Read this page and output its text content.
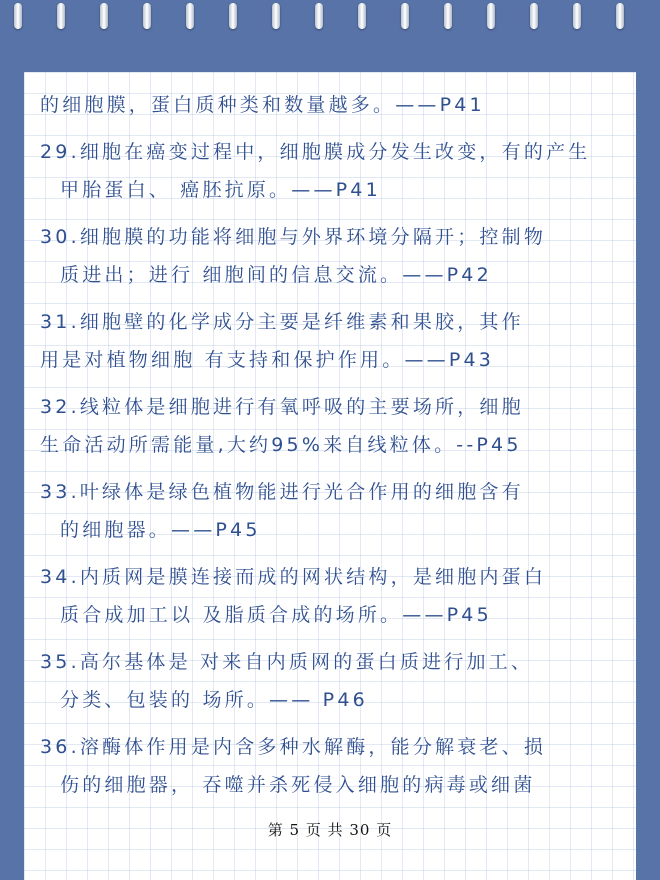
的细胞膜，蛋白质种类和数量越多。——P41
29.细胞在癌变过程中，细胞膜成分发生改变，有的产生
甲胎蛋白、 癌胚抗原。——P41
30.细胞膜的功能将细胞与外界环境分隔开；控制物
质进出；进行 细胞间的信息交流。——P42
31.细胞壁的化学成分主要是纤维素和果胶，其作
用是对植物细胞 有支持和保护作用。——P43
32.线粒体是细胞进行有氧呼吸的主要场所，细胞
生命活动所需能量,大约95%来自线粒体。--P45
33.叶绿体是绿色植物能进行光合作用的细胞含有
的细胞器。——P45
34.内质网是膜连接而成的网状结构，是细胞内蛋白
质合成加工以 及脂质合成的场所。——P45
35.高尔基体是 对来自内质网的蛋白质进行加工、
分类、包装的 场所。—— P46
36.溶酶体作用是内含多种水解酶，能分解衰老、损
伤的细胞器， 吞噬并杀死侵入细胞的病毒或细菌
第 5 页 共 30 页
